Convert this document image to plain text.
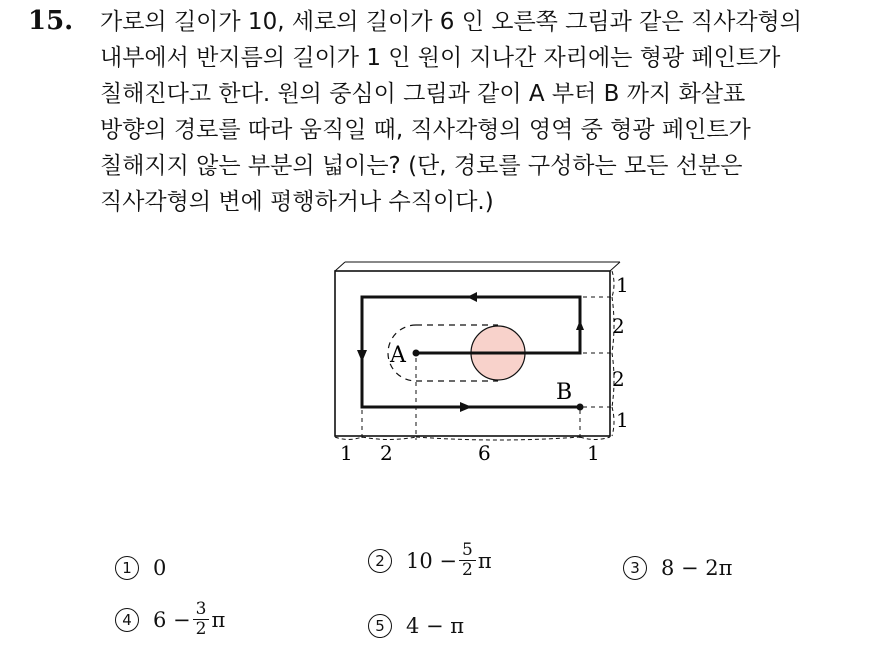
15. 가로의 길이가 10, 세로의 길이가 6 인 오른쪽 그림과 같은 직사각형의
내부에서 반지름의 길이가 1 인 원이 지나간 자리에는 형광 페인트가
칠해진다고 한다. 원의 중심이 그림과 같이 A 부터 B 까지 화살표
방향의 경로를 따라 움직일 때, 직사각형의 영역 중 형광 페인트가
칠해지지 않는 부분의 넓이는? (단, 경로를 구성하는 모든 선분은
직사각형의 변에 평행하거나 수직이다.)

A
B
1
2
2
1
1 2	6	1
1	0	2	$10 - \frac{5}{2}$ π	3	8 − 2π
4	$6 - \frac{3}{2}$ π	5	4 − π
